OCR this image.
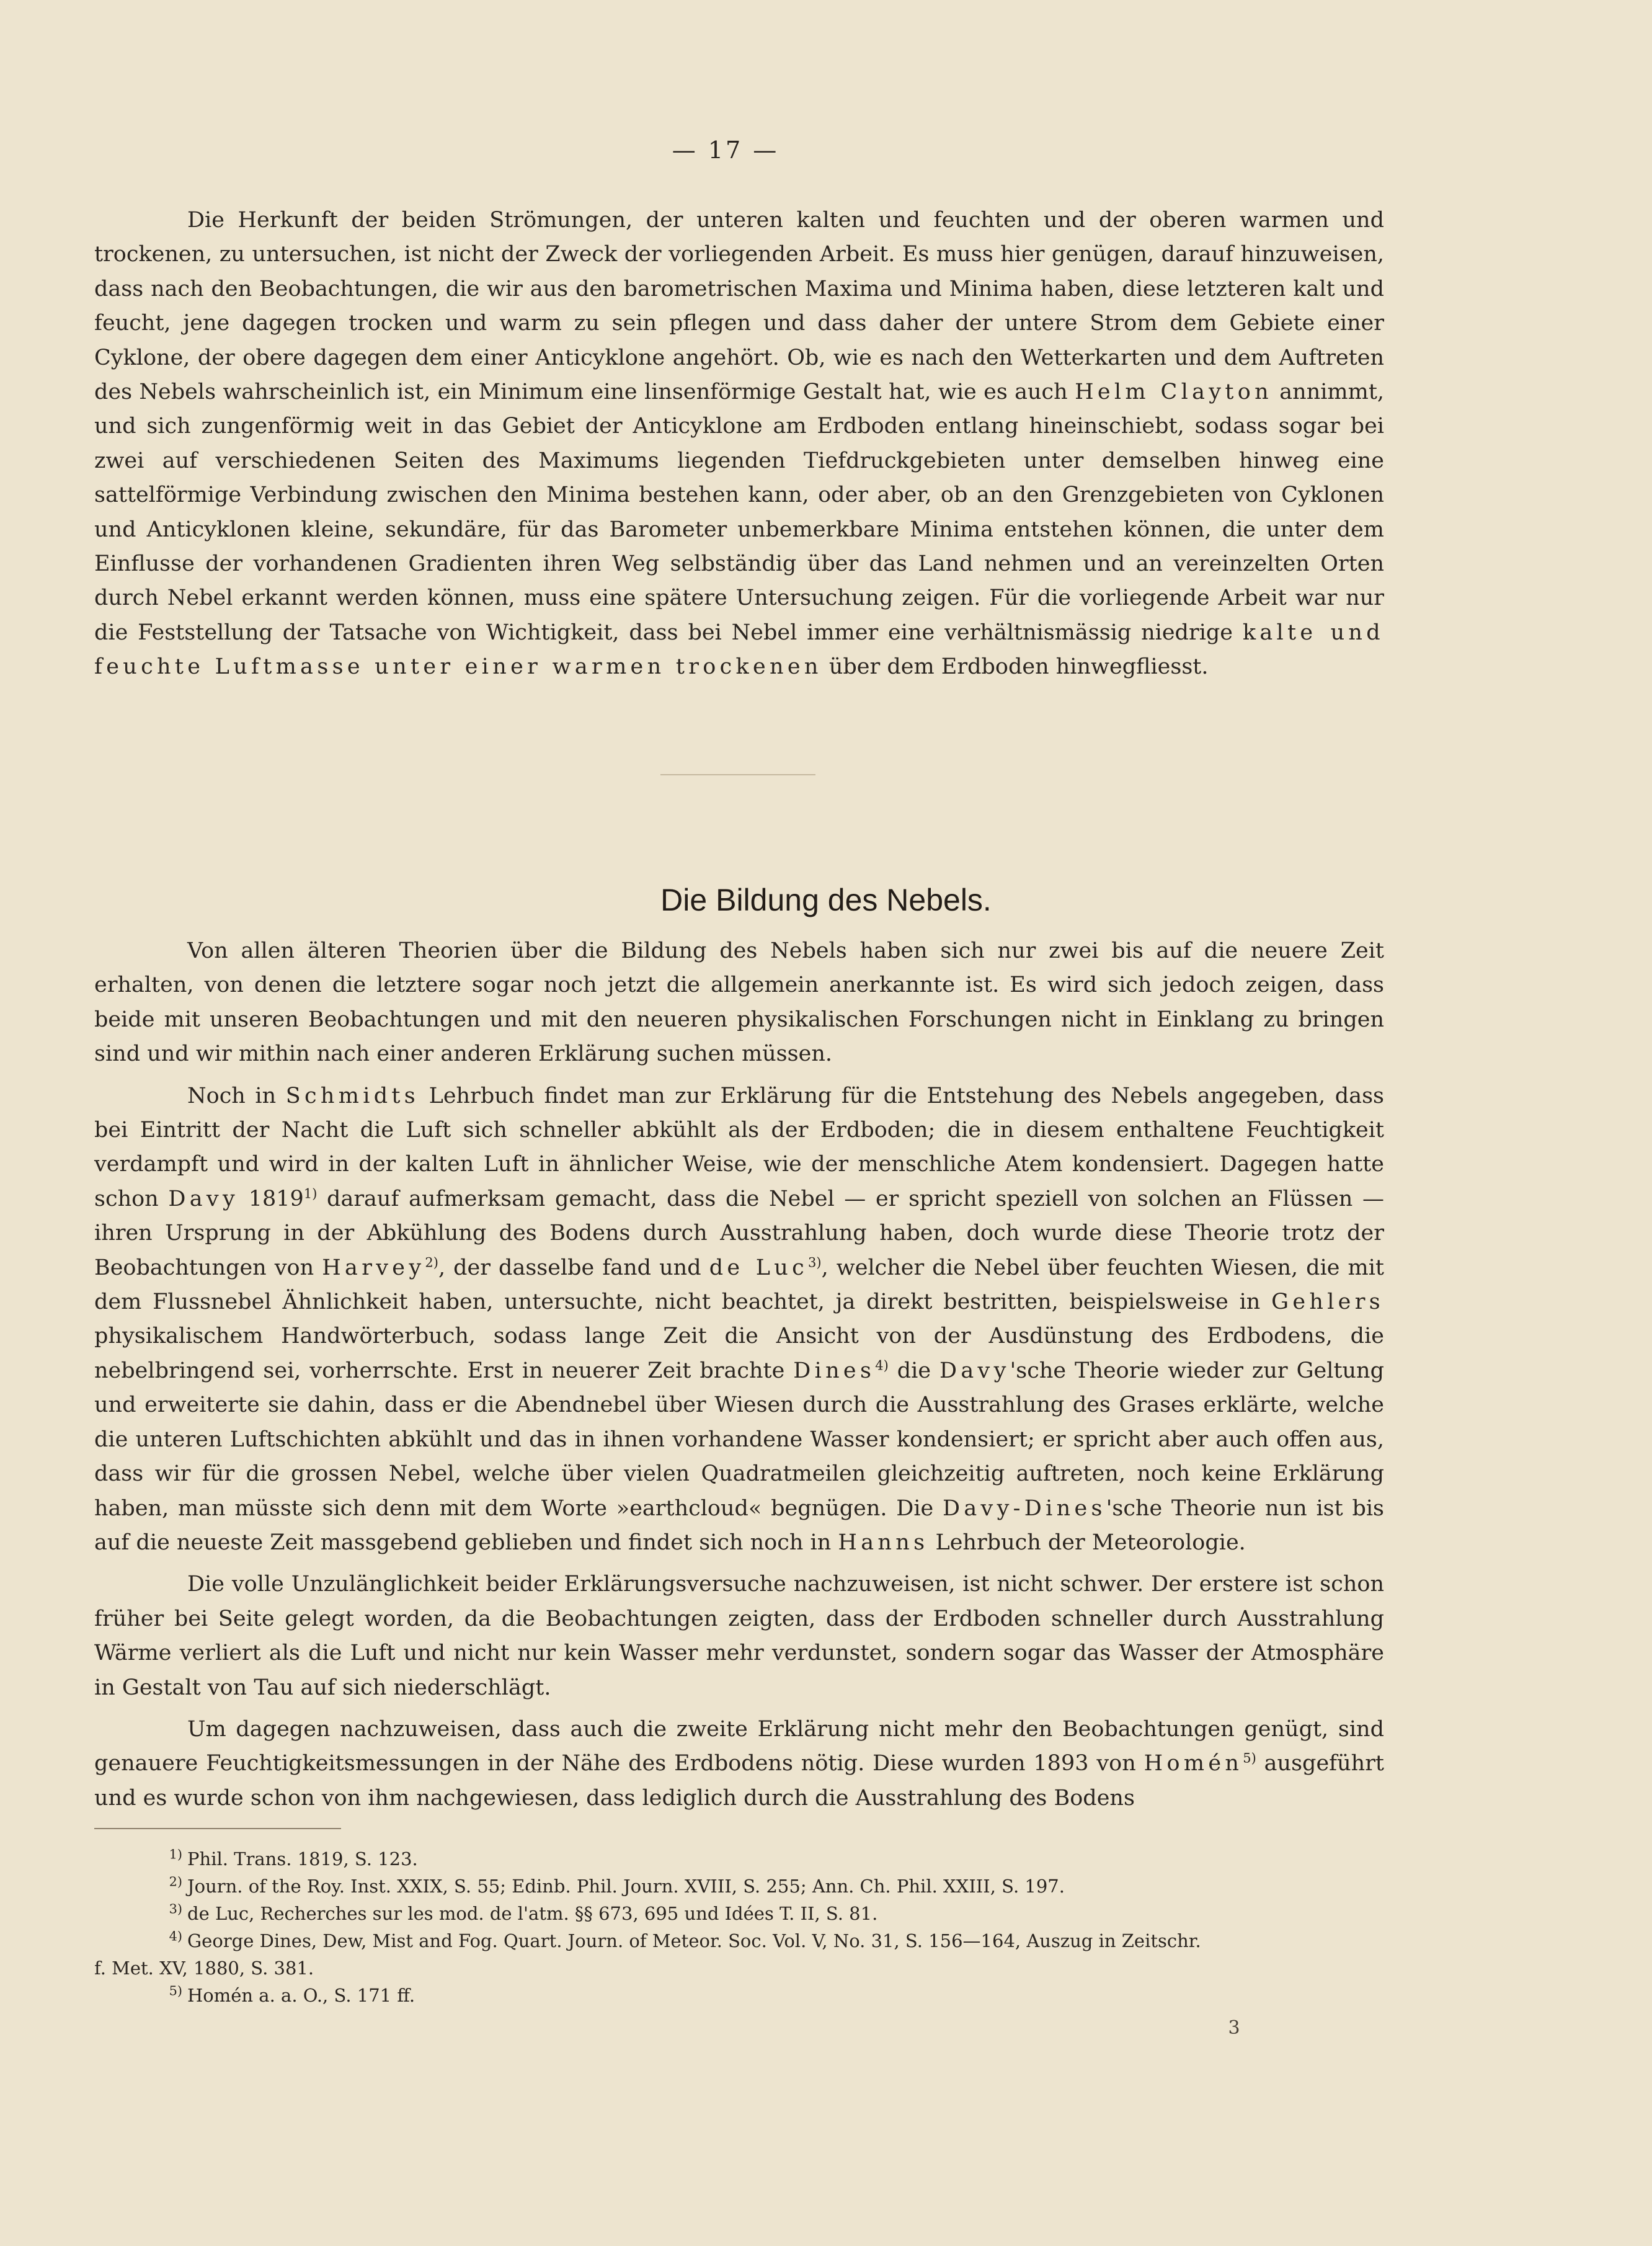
— 17 —

Die Herkunft der beiden Strömungen, der unteren kalten und feuchten und der oberen warmen und trockenen, zu untersuchen, ist nicht der Zweck der vorliegenden Arbeit. Es muss hier genügen, darauf hinzuweisen, dass nach den Beobachtungen, die wir aus den barometrischen Maxima und Minima haben, diese letzteren kalt und feucht, jene dagegen trocken und warm zu sein pflegen und dass daher der untere Strom dem Gebiete einer Cyklone, der obere dagegen dem einer Anticyklone angehört. Ob, wie es nach den Wetterkarten und dem Auftreten des Nebels wahrscheinlich ist, ein Minimum eine linsenförmige Gestalt hat, wie es auch Helm Clayton annimmt, und sich zungenförmig weit in das Gebiet der Anticyklone am Erdboden entlang hineinschiebt, sodass sogar bei zwei auf verschiedenen Seiten des Maximums liegenden Tiefdruckgebieten unter demselben hinweg eine sattelförmige Verbindung zwischen den Minima bestehen kann, oder aber, ob an den Grenzgebieten von Cyklonen und Anticyklonen kleine, sekundäre, für das Barometer unbemerkbare Minima entstehen können, die unter dem Einflusse der vorhandenen Gradienten ihren Weg selbständig über das Land nehmen und an vereinzelten Orten durch Nebel erkannt werden können, muss eine spätere Untersuchung zeigen. Für die vorliegende Arbeit war nur die Feststellung der Tatsache von Wichtigkeit, dass bei Nebel immer eine verhältnismässig niedrige kalte und feuchte Luftmasse unter einer warmen trockenen über dem Erdboden hinwegfliesst.

Die Bildung des Nebels.

Von allen älteren Theorien über die Bildung des Nebels haben sich nur zwei bis auf die neuere Zeit erhalten, von denen die letztere sogar noch jetzt die allgemein anerkannte ist. Es wird sich jedoch zeigen, dass beide mit unseren Beobachtungen und mit den neueren physikalischen Forschungen nicht in Einklang zu bringen sind und wir mithin nach einer anderen Erklärung suchen müssen.

Noch in Schmidts Lehrbuch findet man zur Erklärung für die Entstehung des Nebels angegeben, dass bei Eintritt der Nacht die Luft sich schneller abkühlt als der Erdboden; die in diesem enthaltene Feuchtigkeit verdampft und wird in der kalten Luft in ähnlicher Weise, wie der menschliche Atem kondensiert. Dagegen hatte schon Davy 1819$^{1)}$ darauf aufmerksam gemacht, dass die Nebel — er spricht speziell von solchen an Flüssen — ihren Ursprung in der Abkühlung des Bodens durch Ausstrahlung haben, doch wurde diese Theorie trotz der Beobachtungen von Harvey$^{2)}$, der dasselbe fand und de Luc$^{3)}$, welcher die Nebel über feuchten Wiesen, die mit dem Flussnebel Ähnlichkeit haben, untersuchte, nicht beachtet, ja direkt bestritten, beispielsweise in Gehlers physikalischem Handwörterbuch, sodass lange Zeit die Ansicht von der Ausdünstung des Erdbodens, die nebelbringend sei, vorherrschte. Erst in neuerer Zeit brachte Dines$^{4)}$ die Davy'sche Theorie wieder zur Geltung und erweiterte sie dahin, dass er die Abendnebel über Wiesen durch die Ausstrahlung des Grases erklärte, welche die unteren Luftschichten abkühlt und das in ihnen vorhandene Wasser kondensiert; er spricht aber auch offen aus, dass wir für die grossen Nebel, welche über vielen Quadratmeilen gleichzeitig auftreten, noch keine Erklärung haben, man müsste sich denn mit dem Worte »earthcloud« begnügen. Die Davy-Dines'sche Theorie nun ist bis auf die neueste Zeit massgebend geblieben und findet sich noch in Hanns Lehrbuch der Meteorologie.

Die volle Unzulänglichkeit beider Erklärungsversuche nachzuweisen, ist nicht schwer. Der erstere ist schon früher bei Seite gelegt worden, da die Beobachtungen zeigten, dass der Erdboden schneller durch Ausstrahlung Wärme verliert als die Luft und nicht nur kein Wasser mehr verdunstet, sondern sogar das Wasser der Atmosphäre in Gestalt von Tau auf sich niederschlägt.

Um dagegen nachzuweisen, dass auch die zweite Erklärung nicht mehr den Beobachtungen genügt, sind genauere Feuchtigkeitsmessungen in der Nähe des Erdbodens nötig. Diese wurden 1893 von Homén$^{5)}$ ausgeführt und es wurde schon von ihm nachgewiesen, dass lediglich durch die Ausstrahlung des Bodens

$^{1)}$ Phil. Trans. 1819, S. 123.
$^{2)}$ Journ. of the Roy. Inst. XXIX, S. 55; Edinb. Phil. Journ. XVIII, S. 255; Ann. Ch. Phil. XXIII, S. 197.
$^{3)}$ de Luc, Recherches sur les mod. de l'atm. §§ 673, 695 und Idées T. II, S. 81.
$^{4)}$ George Dines, Dew, Mist and Fog. Quart. Journ. of Meteor. Soc. Vol. V, No. 31, S. 156—164, Auszug in Zeitschr.
f. Met. XV, 1880, S. 381.
$^{5)}$ Homén a. a. O., S. 171 ff.
3
